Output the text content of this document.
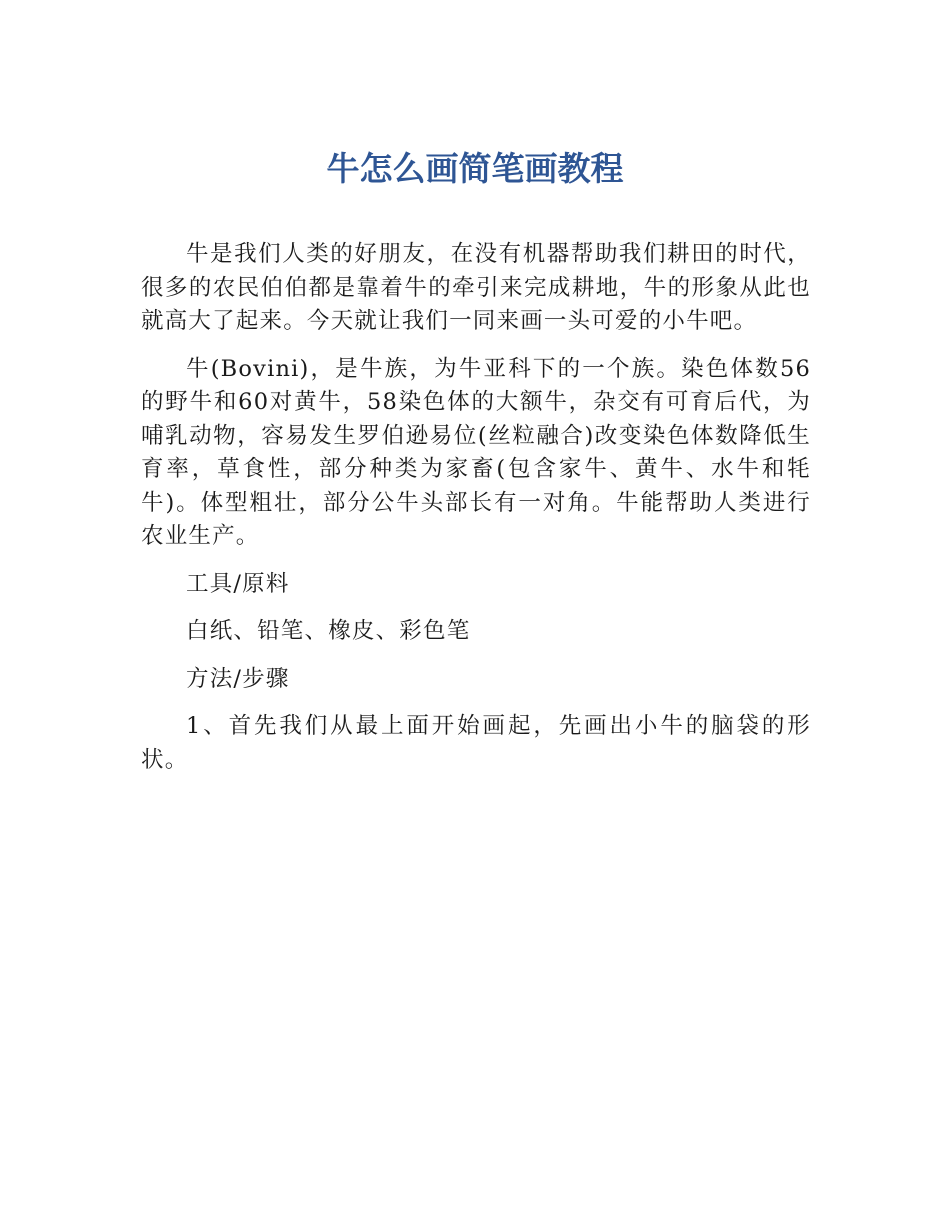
牛怎么画简笔画教程

牛是我们人类的好朋友，在没有机器帮助我们耕田的时代，很多的农民伯伯都是靠着牛的牵引来完成耕地，牛的形象从此也就高大了起来。今天就让我们一同来画一头可爱的小牛吧。

牛(Bovini)，是牛族，为牛亚科下的一个族。染色体数56的野牛和60对黄牛，58染色体的大额牛，杂交有可育后代，为哺乳动物，容易发生罗伯逊易位(丝粒融合)改变染色体数降低生育率，草食性，部分种类为家畜(包含家牛、黄牛、水牛和牦牛)。体型粗壮，部分公牛头部长有一对角。牛能帮助人类进行农业生产。

工具/原料

白纸、铅笔、橡皮、彩色笔

方法/步骤

1、首先我们从最上面开始画起，先画出小牛的脑袋的形状。
